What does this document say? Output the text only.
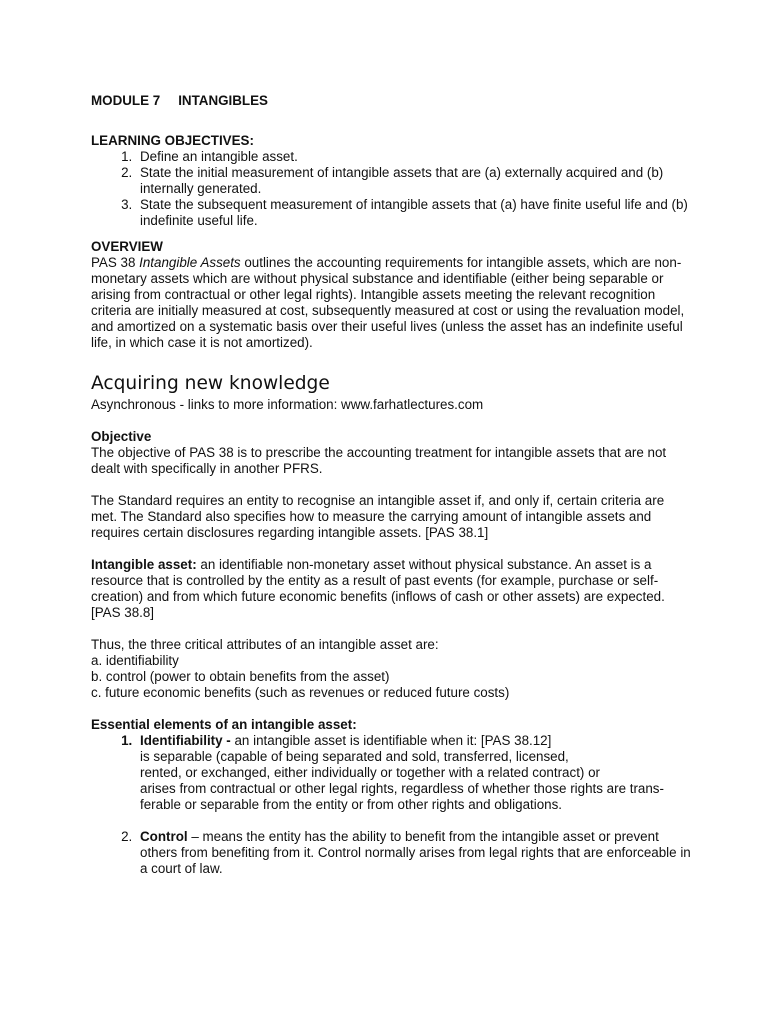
MODULE 7 INTANGIBLES

LEARNING OBJECTIVES:

1. Define an intangible asset.
2. State the initial measurement of intangible assets that are (a) externally acquired and (b) internally generated.
3. State the subsequent measurement of intangible assets that (a) have finite useful life and (b) indefinite useful life.

OVERVIEW

PAS 38 Intangible Assets outlines the accounting requirements for intangible assets, which are non-monetary assets which are without physical substance and identifiable (either being separable or arising from contractual or other legal rights). Intangible assets meeting the relevant recognition criteria are initially measured at cost, subsequently measured at cost or using the revaluation model, and amortized on a systematic basis over their useful lives (unless the asset has an indefinite useful life, in which case it is not amortized).

Acquiring new knowledge

Asynchronous - links to more information: www.farhatlectures.com

Objective

The objective of PAS 38 is to prescribe the accounting treatment for intangible assets that are not dealt with specifically in another PFRS.

The Standard requires an entity to recognise an intangible asset if, and only if, certain criteria are met. The Standard also specifies how to measure the carrying amount of intangible assets and requires certain disclosures regarding intangible assets. [PAS 38.1]

Intangible asset: an identifiable non-monetary asset without physical substance. An asset is a resource that is controlled by the entity as a result of past events (for example, purchase or self-creation) and from which future economic benefits (inflows of cash or other assets) are expected. [PAS 38.8]

Thus, the three critical attributes of an intangible asset are:

a. identifiability

b. control (power to obtain benefits from the asset)

c. future economic benefits (such as revenues or reduced future costs)

Essential elements of an intangible asset:

1. Identifiability - an intangible asset is identifiable when it: [PAS 38.12]
is separable (capable of being separated and sold, transferred, licensed,
rented, or exchanged, either individually or together with a related contract) or
arises from contractual or other legal rights, regardless of whether those rights are trans-
ferable or separable from the entity or from other rights and obligations.
2. Control – means the entity has the ability to benefit from the intangible asset or prevent others from benefiting from it. Control normally arises from legal rights that are enforceable in a court of law.
